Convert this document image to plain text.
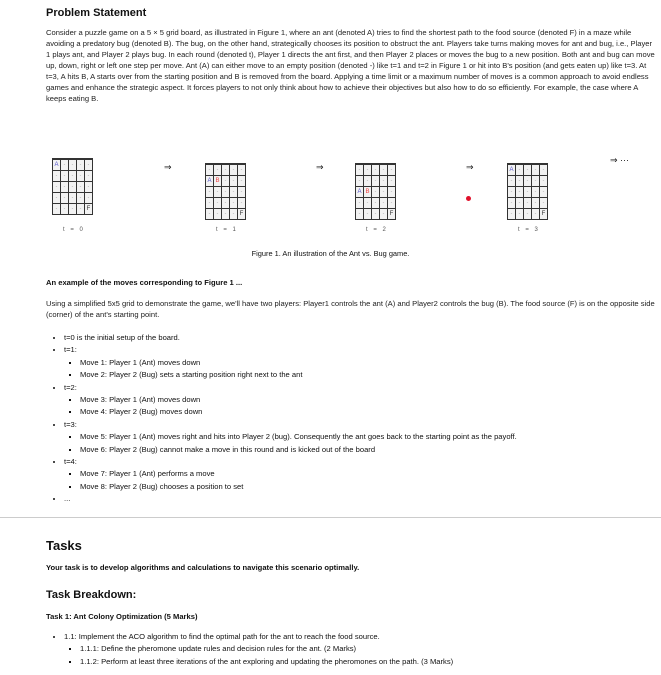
Problem Statement
Consider a puzzle game on a 5 × 5 grid board, as illustrated in Figure 1, where an ant (denoted A) tries to find the shortest path to the food source (denoted F) in a maze while avoiding a predatory bug (denoted B). The bug, on the other hand, strategically chooses its position to obstruct the ant. Players take turns making moves for ant and bug, i.e., Player 1 plays ant, and Player 2 plays bug. In each round (denoted t), Player 1 directs the ant first, and then Player 2 places or moves the bug to a new position. Both ant and bug can move up, down, right or left one step per move. Ant (A) can either move to an empty position (denoted -) like t=1 and t=2 in Figure 1 or hit into B's position (and gets eaten up) like t=3. At t=3, A hits B, A starts over from the starting position and B is removed from the board. Applying a time limit or a maximum number of moves is a common approach to avoid endless games and enhance the strategic aspect. It forces players to not only think about how to achieve their objectives but also how to do so efficiently. For example, the case where A keeps eating B.
A	-	-	-	-
-	-	-	-	-
-	-	-	-	-
-	-	-	-	-
-	-	-	-	F
t = 0
-	-	-	-	-
A	B	-	-	-
-	-	-	-	-
-	-	-	-	-
-	-	-	-	F
t = 1
-	-	-	-	-
-	-	-	-	-
A	B	-	-	-
-	-	-	-	-
-	-	-	-	F
t = 2
A	-	-	-	-
-	-	-	-	-
-	-	-	-	-
-	-	-	-	-
-	-	-	-	F
t = 3
⇒	⇒	⇒
⇒ ···
Figure 1. An illustration of the Ant vs. Bug game.
An example of the moves corresponding to Figure 1 ...
Using a simplified 5x5 grid to demonstrate the game, we'll have two players: Player1 controls the ant (A) and Player2 controls the bug (B). The food source (F) is on the opposite side (corner) of the ant's starting point.
• t=0 is the initial setup of the board.
• t=1:
▪ Move 1: Player 1 (Ant) moves down
▪ Move 2: Player 2 (Bug) sets a starting position right next to the ant
• t=2:
▪ Move 3: Player 1 (Ant) moves down
▪ Move 4: Player 2 (Bug) moves down
• t=3:
▪ Move 5: Player 1 (Ant) moves right and hits into Player 2 (bug). Consequently the ant goes back to the starting point as the payoff.
▪ Move 6: Player 2 (Bug) cannot make a move in this round and is kicked out of the board
• t=4:
▪ Move 7: Player 1 (Ant) performs a move
▪ Move 8: Player 2 (Bug) chooses a position to set
• ...
Tasks
Your task is to develop algorithms and calculations to navigate this scenario optimally.
Task Breakdown:
Task 1: Ant Colony Optimization (5 Marks)
• 1.1: Implement the ACO algorithm to find the optimal path for the ant to reach the food source.
▪ 1.1.1: Define the pheromone update rules and decision rules for the ant. (2 Marks)
▪ 1.1.2: Perform at least three iterations of the ant exploring and updating the pheromones on the path. (3 Marks)
